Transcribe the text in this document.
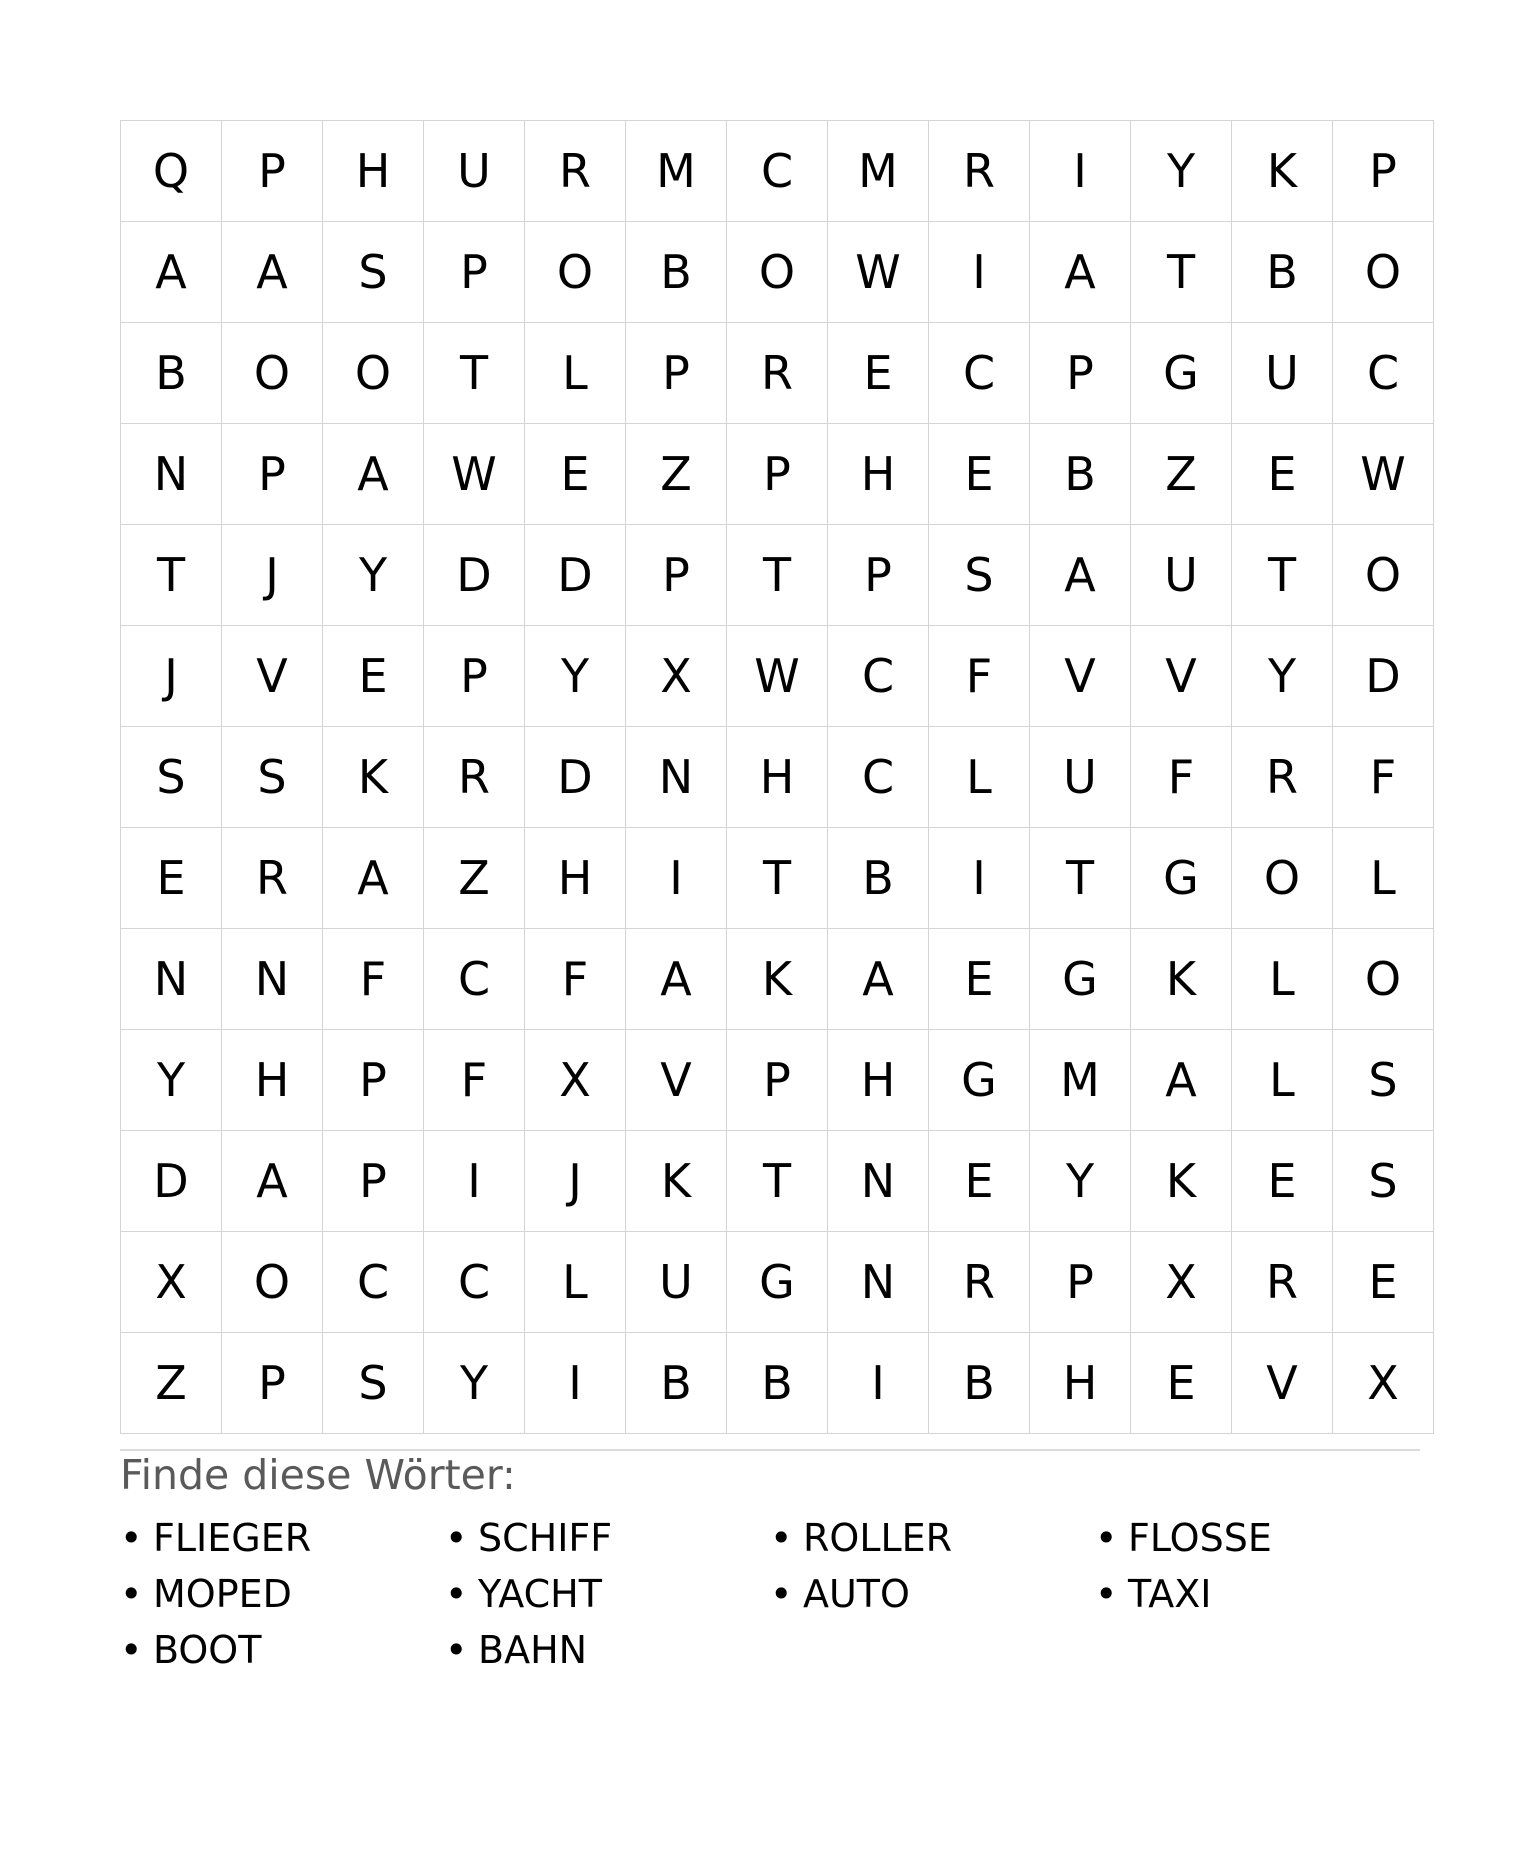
Q	P	H	U	R	M	C	M	R	I	Y	K	P
A	A	S	P	O	B	O	W	I	A	T	B	O
B	O	O	T	L	P	R	E	C	P	G	U	C
N	P	A	W	E	Z	P	H	E	B	Z	E	W
T	J	Y	D	D	P	T	P	S	A	U	T	O
J	V	E	P	Y	X	W	C	F	V	V	Y	D
S	S	K	R	D	N	H	C	L	U	F	R	F
E	R	A	Z	H	I	T	B	I	T	G	O	L
N	N	F	C	F	A	K	A	E	G	K	L	O
Y	H	P	F	X	V	P	H	G	M	A	L	S
D	A	P	I	J	K	T	N	E	Y	K	E	S
X	O	C	C	L	U	G	N	R	P	X	R	E
Z	P	S	Y	I	B	B	I	B	H	E	V	X
Finde diese Wörter:
• FLIEGER	• SCHIFF	• ROLLER	• FLOSSE
• MOPED	• YACHT	• AUTO	• TAXI
• BOOT	• BAHN
